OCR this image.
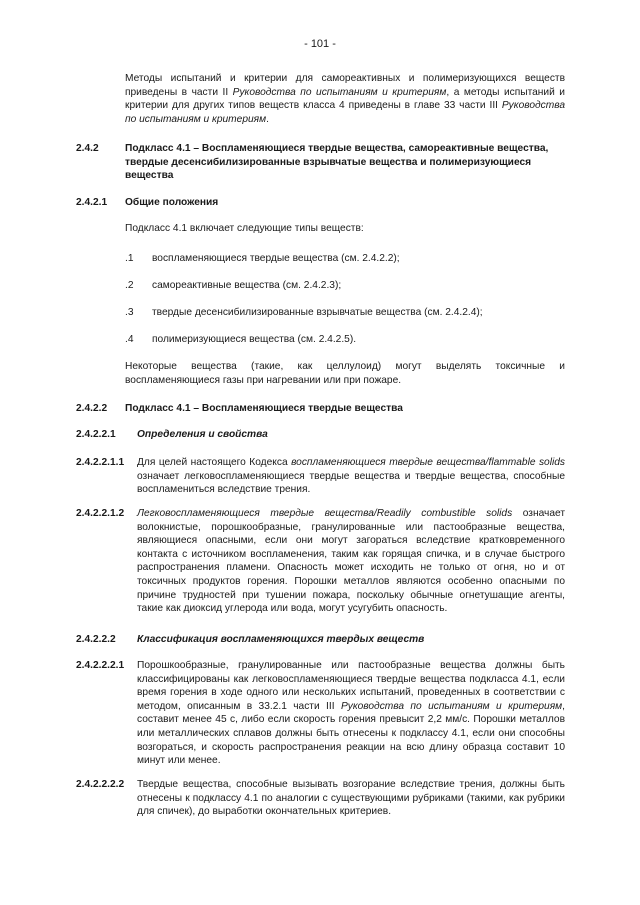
- 101 -
Методы испытаний и критерии для самореактивных и полимеризующихся веществ приведены в части II Руководства по испытаниям и критериям, а методы испытаний и критерии для других типов веществ класса 4 приведены в главе 33 части III Руководства по испытаниям и критериям.
2.4.2	Подкласс 4.1 – Воспламеняющиеся твердые вещества, самореактивные вещества, твердые десенсибилизированные взрывчатые вещества и полимеризующиеся вещества
2.4.2.1 Общие положения
Подкласс 4.1 включает следующие типы веществ:
.1 воспламеняющиеся твердые вещества (см. 2.4.2.2);
.2 самореактивные вещества (см. 2.4.2.3);
.3 твердые десенсибилизированные взрывчатые вещества (см. 2.4.2.4);
.4 полимеризующиеся вещества (см. 2.4.2.5).
Некоторые вещества (такие, как целлулоид) могут выделять токсичные и воспламеняющиеся газы при нагревании или при пожаре.
2.4.2.2 Подкласс 4.1 – Воспламеняющиеся твердые вещества
2.4.2.2.1 Определения и свойства
2.4.2.2.1.1 Для целей настоящего Кодекса воспламеняющиеся твердые вещества/flammable solids означает легковоспламеняющиеся твердые вещества и твердые вещества, способные воспламениться вследствие трения.
2.4.2.2.1.2 Легковоспламеняющиеся твердые вещества/Readily combustible solids означает волокнистые, порошкообразные, гранулированные или пастообразные вещества, являющиеся опасными, если они могут загораться вследствие кратковременного контакта с источником воспламенения, таким как горящая спичка, и в случае быстрого распространения пламени. Опасность может исходить не только от огня, но и от токсичных продуктов горения. Порошки металлов являются особенно опасными по причине трудностей при тушении пожара, поскольку обычные огнетушащие агенты, такие как диоксид углерода или вода, могут усугубить опасность.
2.4.2.2.2 Классификация воспламеняющихся твердых веществ
2.4.2.2.2.1 Порошкообразные, гранулированные или пастообразные вещества должны быть классифицированы как легковоспламеняющиеся твердые вещества подкласса 4.1, если время горения в ходе одного или нескольких испытаний, проведенных в соответствии с методом, описанным в 33.2.1 части III Руководства по испытаниям и критериям, составит менее 45 с, либо если скорость горения превысит 2,2 мм/с. Порошки металлов или металлических сплавов должны быть отнесены к подклассу 4.1, если они способны возгораться, и скорость распространения реакции на всю длину образца составит 10 минут или менее.
2.4.2.2.2.2 Твердые вещества, способные вызывать возгорание вследствие трения, должны быть отнесены к подклассу 4.1 по аналогии с существующими рубриками (такими, как рубрики для спичек), до выработки окончательных критериев.
